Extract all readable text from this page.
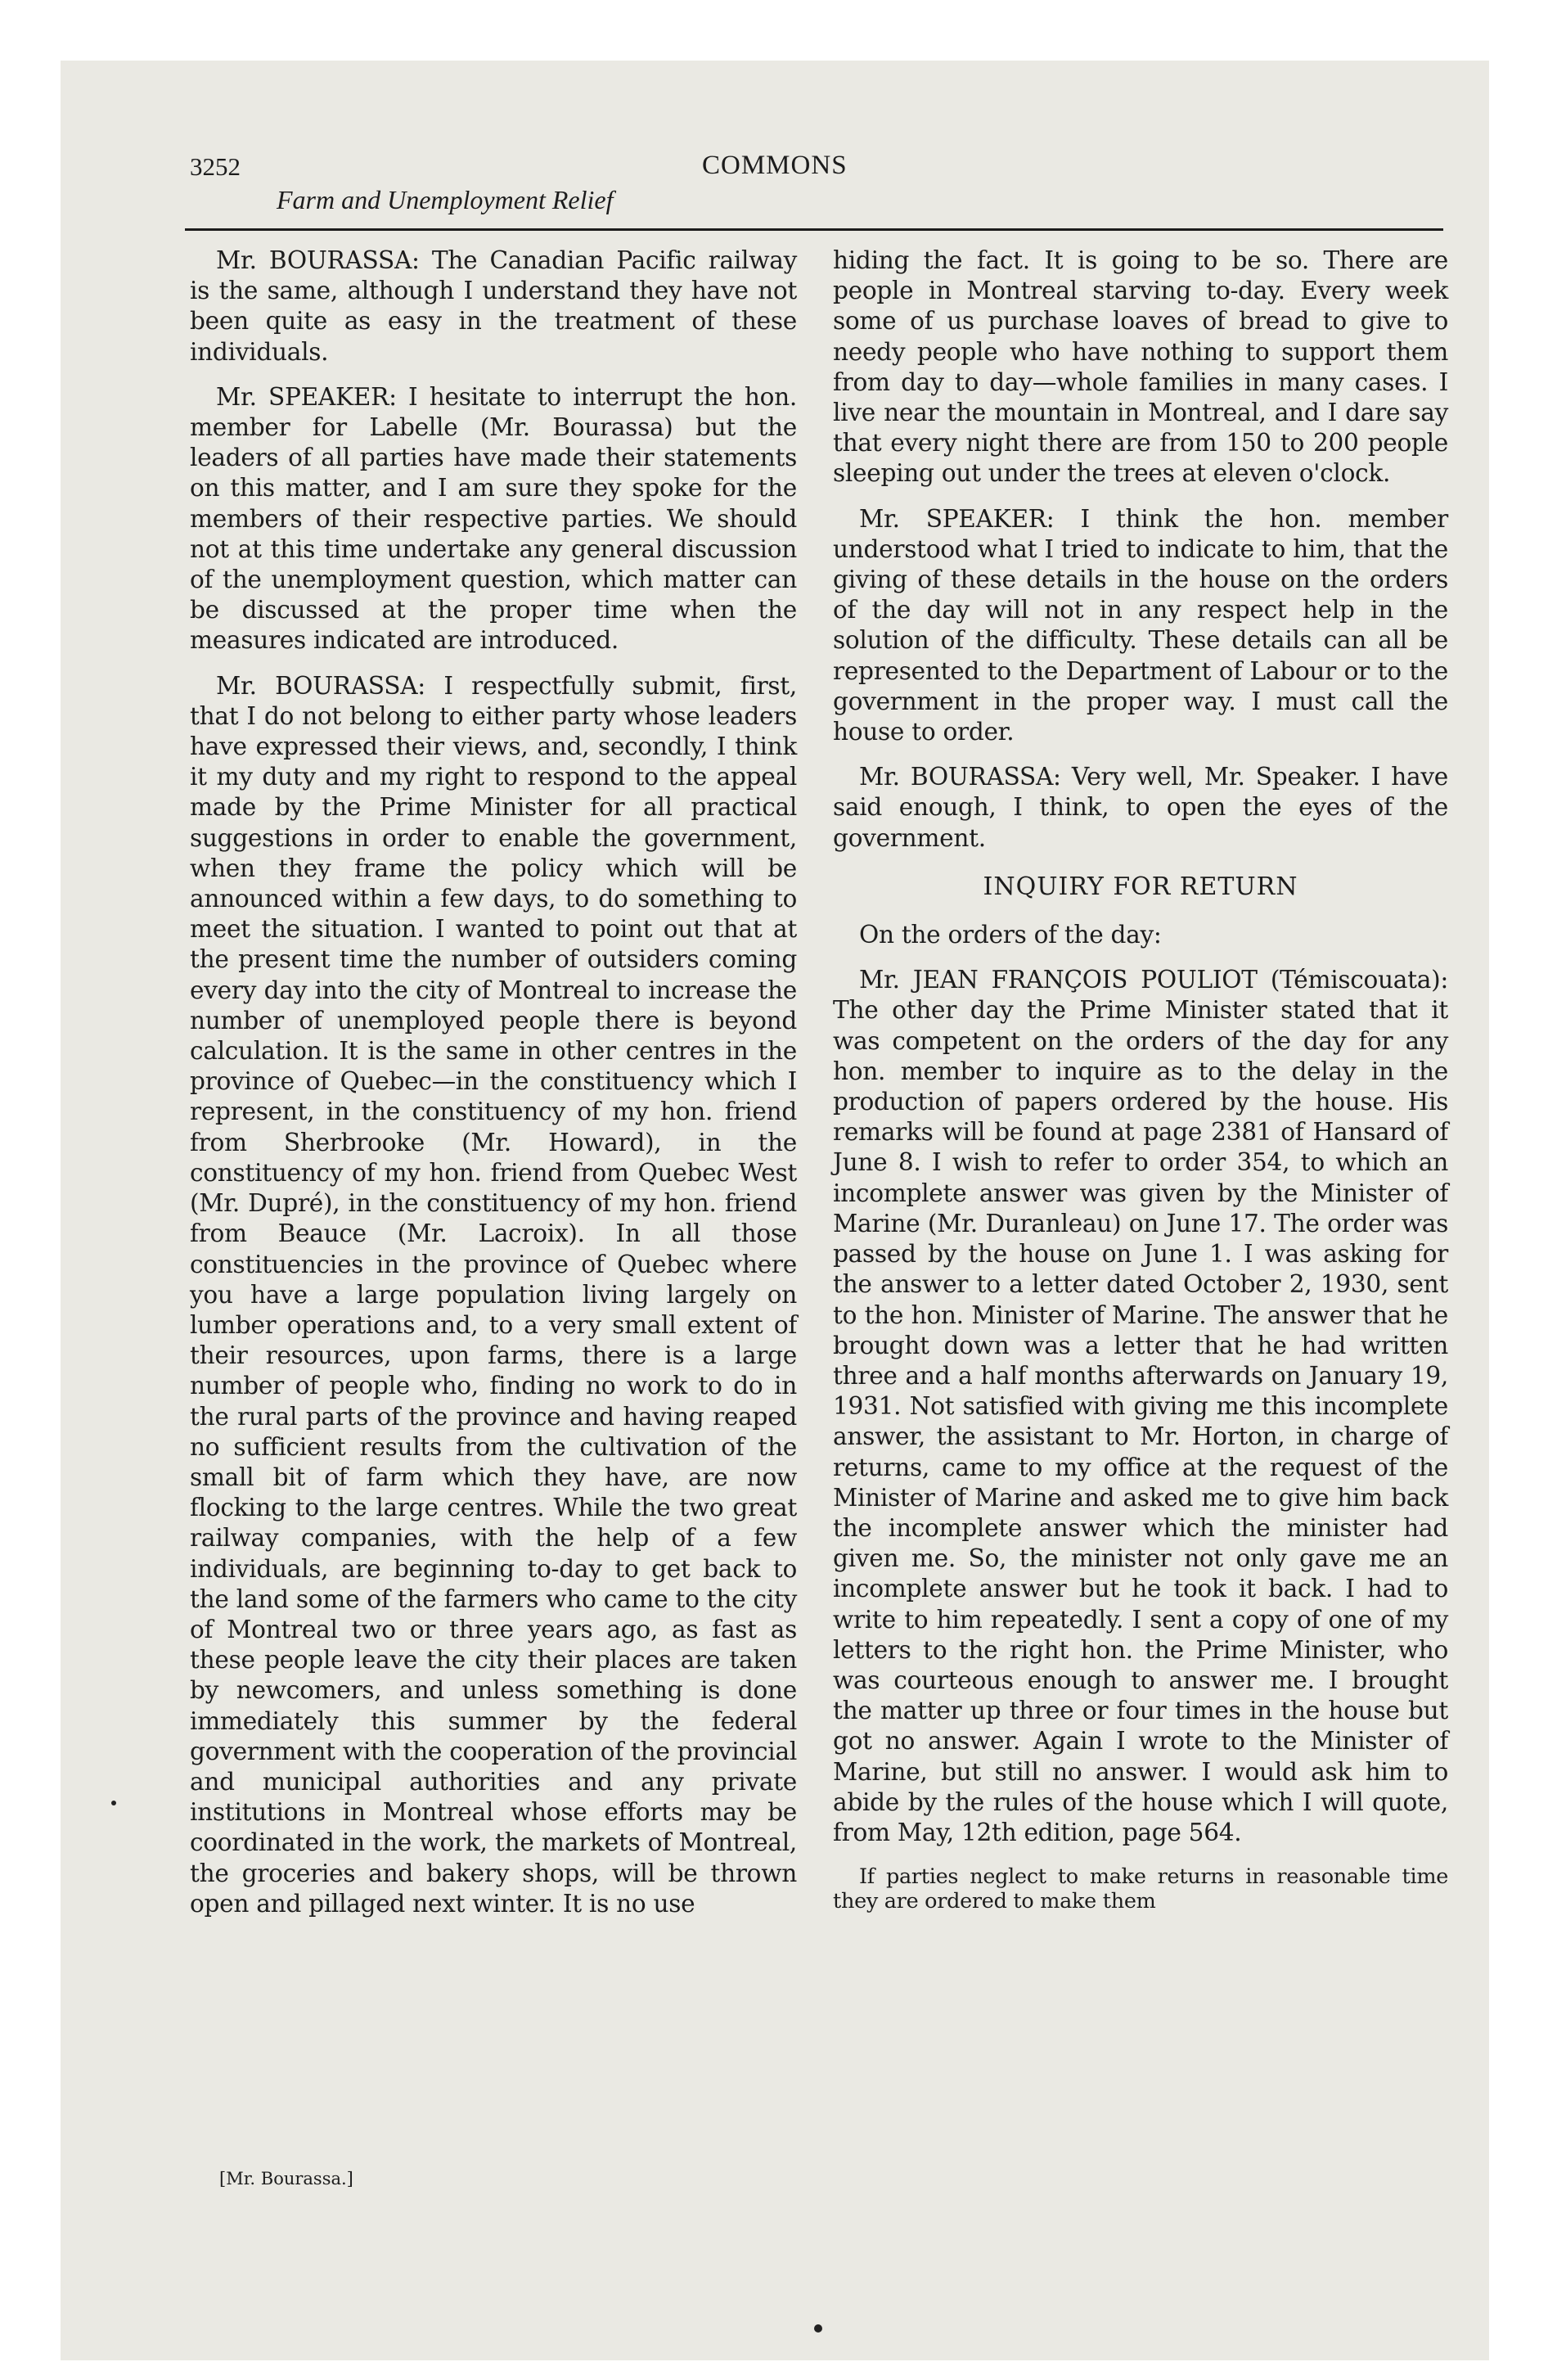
3252	COMMONS
Farm and Unemployment Relief

Mr. BOURASSA: The Canadian Pacific railway is the same, although I understand they have not been quite as easy in the treatment of these individuals.

Mr. SPEAKER: I hesitate to interrupt the hon. member for Labelle (Mr. Bourassa) but the leaders of all parties have made their statements on this matter, and I am sure they spoke for the members of their respective parties. We should not at this time undertake any general discussion of the unemployment question, which matter can be discussed at the proper time when the measures indicated are introduced.

Mr. BOURASSA: I respectfully submit, first, that I do not belong to either party whose leaders have expressed their views, and, secondly, I think it my duty and my right to respond to the appeal made by the Prime Minister for all practical suggestions in order to enable the government, when they frame the policy which will be announced within a few days, to do something to meet the situation. I wanted to point out that at the present time the number of outsiders coming every day into the city of Montreal to increase the number of unemployed people there is beyond calculation. It is the same in other centres in the province of Quebec—in the constituency which I represent, in the constituency of my hon. friend from Sherbrooke (Mr. Howard), in the constituency of my hon. friend from Quebec West (Mr. Dupré), in the constituency of my hon. friend from Beauce (Mr. Lacroix). In all those constituencies in the province of Quebec where you have a large population living largely on lumber operations and, to a very small extent of their resources, upon farms, there is a large number of people who, finding no work to do in the rural parts of the province and having reaped no sufficient results from the cultivation of the small bit of farm which they have, are now flocking to the large centres. While the two great railway companies, with the help of a few individuals, are beginning to-day to get back to the land some of the farmers who came to the city of Montreal two or three years ago, as fast as these people leave the city their places are taken by newcomers, and unless something is done immediately this summer by the federal government with the cooperation of the provincial and municipal authorities and any private institutions in Montreal whose efforts may be coordinated in the work, the markets of Montreal, the groceries and bakery shops, will be thrown open and pillaged next winter. It is no use

[Mr. Bourassa.]

hiding the fact. It is going to be so. There are people in Montreal starving to-day. Every week some of us purchase loaves of bread to give to needy people who have nothing to support them from day to day—whole families in many cases. I live near the mountain in Montreal, and I dare say that every night there are from 150 to 200 people sleeping out under the trees at eleven o'clock.

Mr. SPEAKER: I think the hon. member understood what I tried to indicate to him, that the giving of these details in the house on the orders of the day will not in any respect help in the solution of the difficulty. These details can all be represented to the Department of Labour or to the government in the proper way. I must call the house to order.

Mr. BOURASSA: Very well, Mr. Speaker. I have said enough, I think, to open the eyes of the government.

INQUIRY FOR RETURN

On the orders of the day:

Mr. JEAN FRANÇOIS POULIOT (Témiscouata): The other day the Prime Minister stated that it was competent on the orders of the day for any hon. member to inquire as to the delay in the production of papers ordered by the house. His remarks will be found at page 2381 of Hansard of June 8. I wish to refer to order 354, to which an incomplete answer was given by the Minister of Marine (Mr. Duranleau) on June 17. The order was passed by the house on June 1. I was asking for the answer to a letter dated October 2, 1930, sent to the hon. Minister of Marine. The answer that he brought down was a letter that he had written three and a half months afterwards on January 19, 1931. Not satisfied with giving me this incomplete answer, the assistant to Mr. Horton, in charge of returns, came to my office at the request of the Minister of Marine and asked me to give him back the incomplete answer which the minister had given me. So, the minister not only gave me an incomplete answer but he took it back. I had to write to him repeatedly. I sent a copy of one of my letters to the right hon. the Prime Minister, who was courteous enough to answer me. I brought the matter up three or four times in the house but got no answer. Again I wrote to the Minister of Marine, but still no answer. I would ask him to abide by the rules of the house which I will quote, from May, 12th edition, page 564.

If parties neglect to make returns in reasonable time they are ordered to make them
